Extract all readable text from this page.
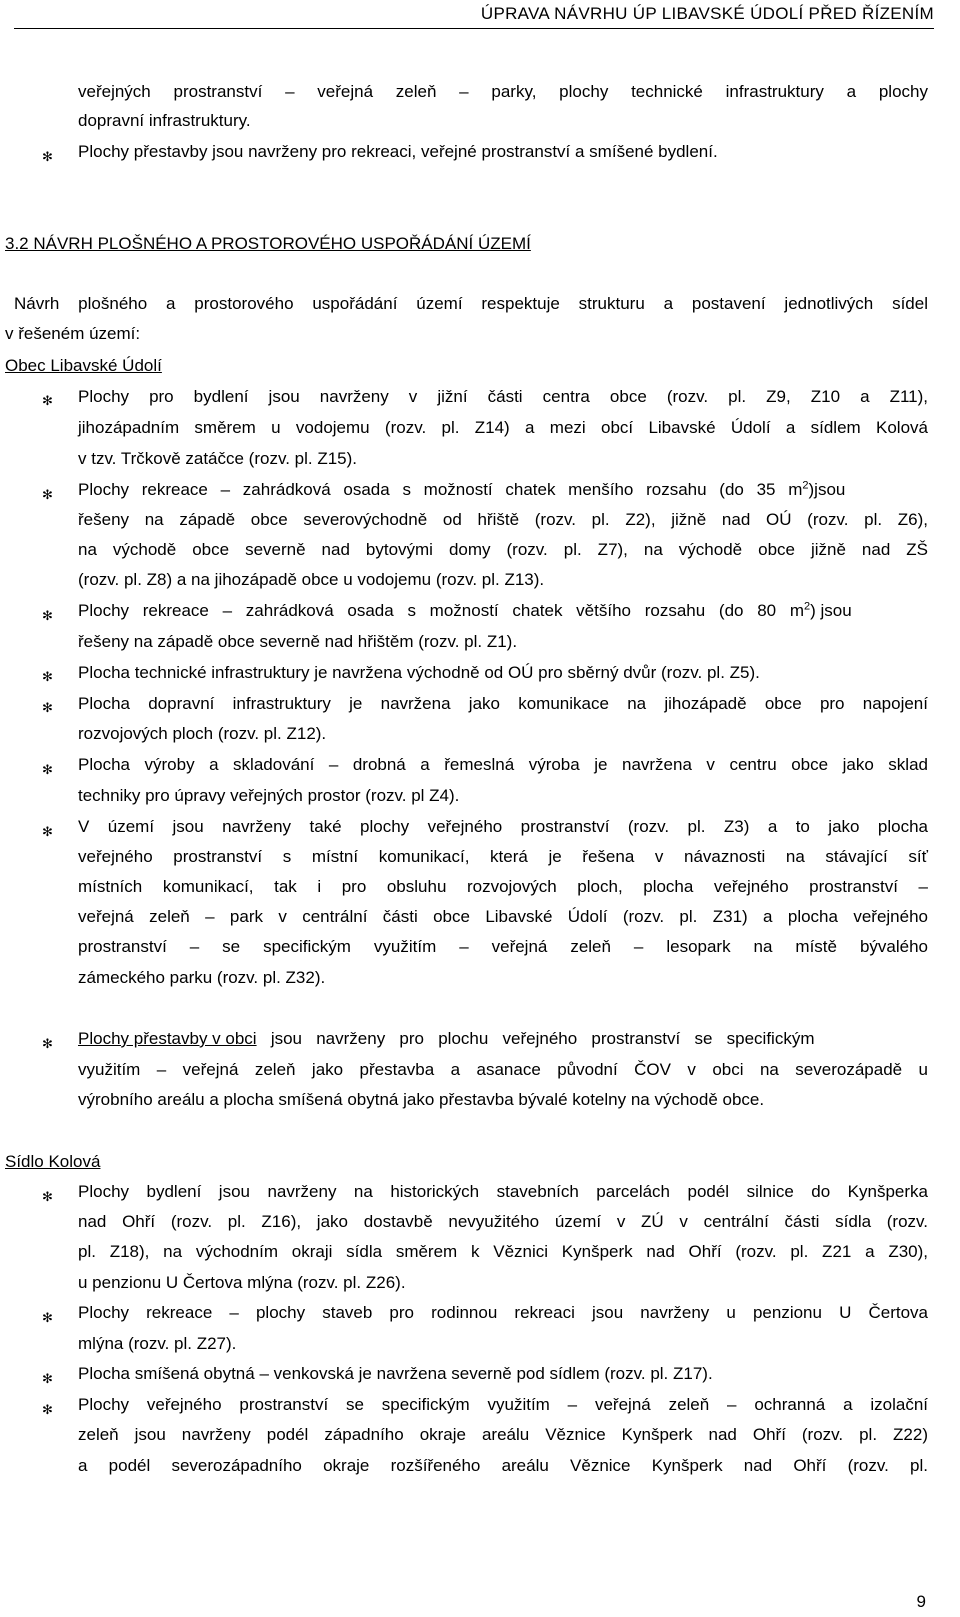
ÚPRAVA NÁVRHU ÚP LIBAVSKÉ ÚDOLÍ PŘED ŘÍZENÍM
veřejných prostranství – veřejná zeleň – parky, plochy technické infrastruktury a plochy
dopravní infrastruktury.
✻ Plochy přestavby jsou navrženy pro rekreaci, veřejné prostranství a smíšené bydlení.
3.2 NÁVRH PLOŠNÉHO A PROSTOROVÉHO USPOŘÁDÁNÍ ÚZEMÍ
Návrh plošného a prostorového uspořádání území respektuje strukturu a postavení jednotlivých sídel
v řešeném území:
Obec Libavské Údolí
✻ Plochy pro bydlení jsou navrženy v jižní části centra obce (rozv. pl. Z9, Z10 a Z11),
jihozápadním směrem u vodojemu (rozv. pl. Z14) a mezi obcí Libavské Údolí a sídlem Kolová
v tzv. Trčkově zatáčce (rozv. pl. Z15).
✻ Plochy rekreace – zahrádková osada s možností chatek menšího rozsahu (do 35 $m^2)jsou$
řešeny na západě obce severovýchodně od hřiště (rozv. pl. Z2), jižně nad OÚ (rozv. pl. Z6),
na východě obce severně nad bytovými domy (rozv. pl. Z7), na východě obce jižně nad ZŠ
(rozv. pl. Z8) a na jihozápadě obce u vodojemu (rozv. pl. Z13).
✻ Plochy rekreace – zahrádková osada s možností chatek většího rozsahu (do 80 $m^2$) jsou
řešeny na západě obce severně nad hřištěm (rozv. pl. Z1).
✻ Plocha technické infrastruktury je navržena východně od OÚ pro sběrný dvůr (rozv. pl. Z5).
✻ Plocha dopravní infrastruktury je navržena jako komunikace na jihozápadě obce pro napojení
rozvojových ploch (rozv. pl. Z12).
✻ Plocha výroby a skladování – drobná a řemeslná výroba je navržena v centru obce jako sklad
techniky pro úpravy veřejných prostor (rozv. pl Z4).
✻ V území jsou navrženy také plochy veřejného prostranství (rozv. pl. Z3) a to jako plocha
veřejného prostranství s místní komunikací, která je řešena v návaznosti na stávající síť
místních komunikací, tak i pro obsluhu rozvojových ploch, plocha veřejného prostranství –
veřejná zeleň – park v centrální části obce Libavské Údolí (rozv. pl. Z31) a plocha veřejného
prostranství – se specifickým využitím – veřejná zeleň – lesopark na místě bývalého
zámeckého parku (rozv. pl. Z32).
✻ Plochy přestavby v obci jsou navrženy pro plochu veřejného prostranství se specifickým
využitím – veřejná zeleň jako přestavba a asanace původní ČOV v obci na severozápadě u
výrobního areálu a plocha smíšená obytná jako přestavba bývalé kotelny na východě obce.
Sídlo Kolová
✻ Plochy bydlení jsou navrženy na historických stavebních parcelách podél silnice do Kynšperka
nad Ohří (rozv. pl. Z16), jako dostavbě nevyužitého území v ZÚ v centrální části sídla (rozv.
pl. Z18), na východním okraji sídla směrem k Věznici Kynšperk nad Ohří (rozv. pl. Z21 a Z30),
u penzionu U Čertova mlýna (rozv. pl. Z26).
✻ Plochy rekreace – plochy staveb pro rodinnou rekreaci jsou navrženy u penzionu U Čertova
mlýna (rozv. pl. Z27).
✻ Plocha smíšená obytná – venkovská je navržena severně pod sídlem (rozv. pl. Z17).
✻ Plochy veřejného prostranství se specifickým využitím – veřejná zeleň – ochranná a izolační
zeleň jsou navrženy podél západního okraje areálu Věznice Kynšperk nad Ohří (rozv. pl. Z22)
a podél severozápadního okraje rozšířeného areálu Věznice Kynšperk nad Ohří (rozv. pl.
9
